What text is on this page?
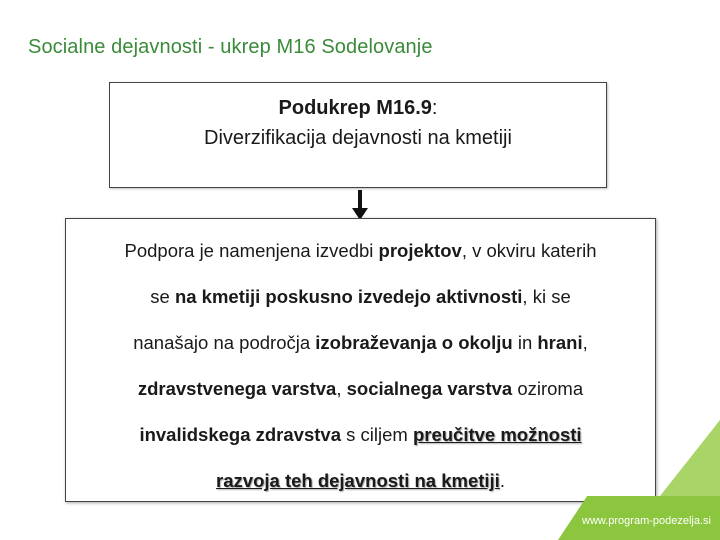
Socialne dejavnosti - ukrep M16 Sodelovanje
Podukrep M16.9:
Diverzifikacija dejavnosti na kmetiji
Podpora je namenjena izvedbi projektov, v okviru katerih
se na kmetiji poskusno izvedejo aktivnosti, ki se
nanašajo na področja izobraževanja o okolju in hrani,
zdravstvenega varstva, socialnega varstva oziroma
invalidskega zdravstva s ciljem preučitve možnosti
razvoja teh dejavnosti na kmetiji.
www.program-podezelja.si
